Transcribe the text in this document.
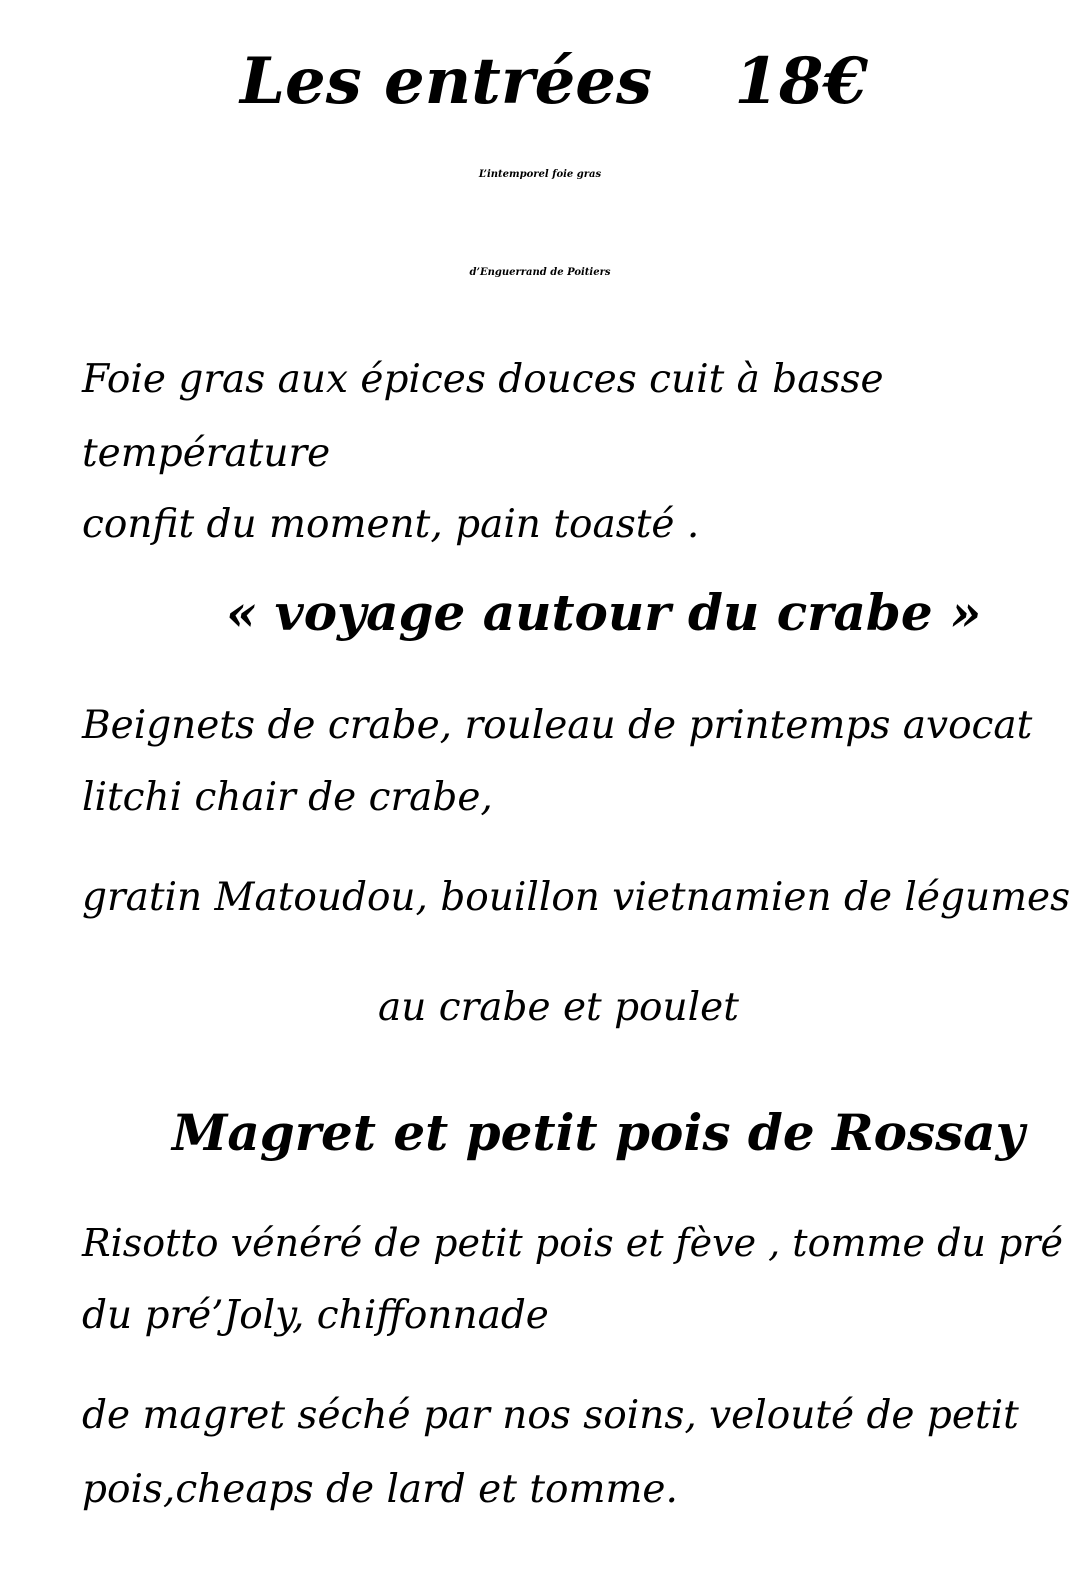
Les entrées 18€
L’intemporel foie gras
d’Enguerrand de Poitiers
Foie gras aux épices douces cuit à basse
température
confit du moment, pain toasté .
« voyage autour du crabe »
Beignets de crabe, rouleau de printemps avocat
litchi chair de crabe,
gratin Matoudou, bouillon vietnamien de légumes
au crabe et poulet
Magret et petit pois de Rossay
Risotto vénéré de petit pois et fève , tomme du pré
du pré’Joly, chiffonnade
de magret séché par nos soins, velouté de petit
pois,cheaps de lard et tomme.
